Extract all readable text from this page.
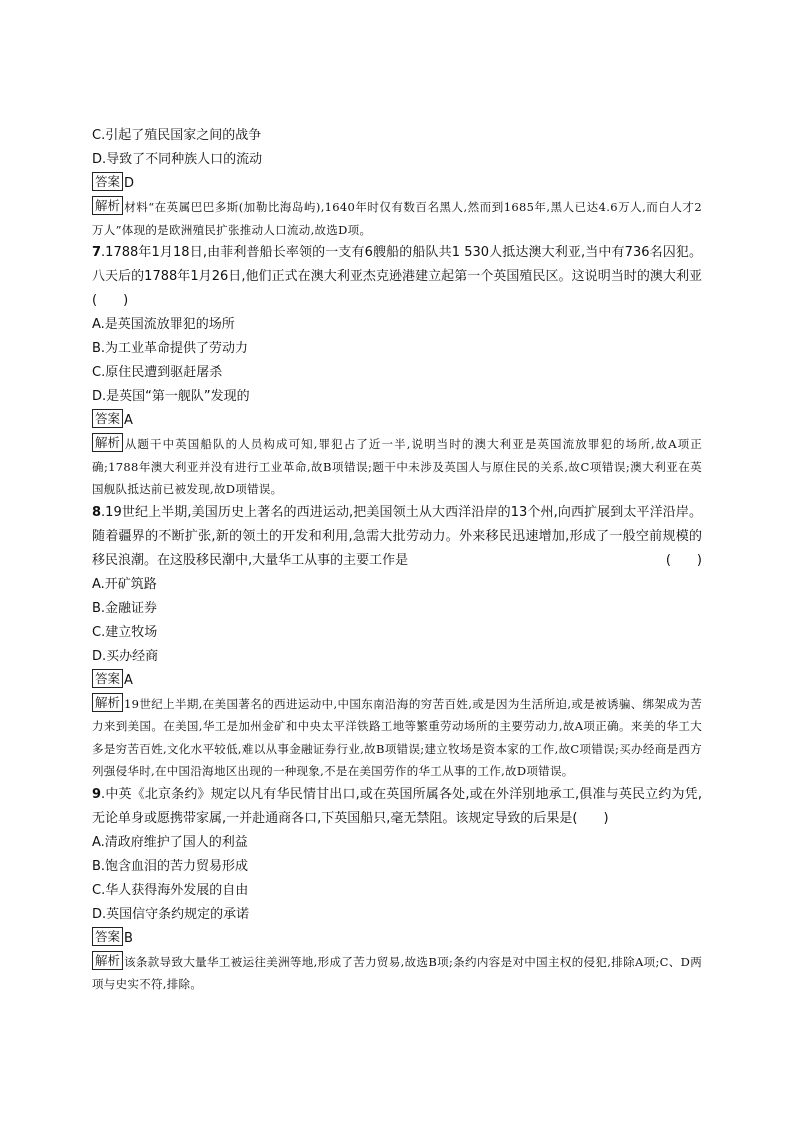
C.引起了殖民国家之间的战争

D.导致了不同种族人口的流动

答案 D

解析 材料“在英属巴巴多斯(加勒比海岛屿),1640年时仅有数百名黑人,然而到1685年,黑人已达4.6万人,而白人才2万人”体现的是欧洲殖民扩张推动人口流动,故选D项。

7.1788年1月18日,由菲利普船长率领的一支有6艘船的船队共1 530人抵达澳大利亚,当中有736名囚犯。八天后的1788年1月26日,他们正式在澳大利亚杰克逊港建立起第一个英国殖民区。这说明当时的澳大利亚(　　)

A.是英国流放罪犯的场所

B.为工业革命提供了劳动力

C.原住民遭到驱赶屠杀

D.是英国“第一舰队”发现的

答案 A

解析 从题干中英国船队的人员构成可知,罪犯占了近一半,说明当时的澳大利亚是英国流放罪犯的场所,故A项正确;1788年澳大利亚并没有进行工业革命,故B项错误;题干中未涉及英国人与原住民的关系,故C项错误;澳大利亚在英国舰队抵达前已被发现,故D项错误。

8.19世纪上半期,美国历史上著名的西进运动,把美国领土从大西洋沿岸的13个州,向西扩展到太平洋沿岸。随着疆界的不断扩张,新的领土的开发和利用,急需大批劳动力。外来移民迅速增加,形成了一般空前规模的移民浪潮。在这股移民潮中,大量华工从事的主要工作是	(　　)

A.开矿筑路

B.金融证券

C.建立牧场

D.买办经商

答案 A

解析 19世纪上半期,在美国著名的西进运动中,中国东南沿海的穷苦百姓,或是因为生活所迫,或是被诱骗、绑架成为苦力来到美国。在美国,华工是加州金矿和中央太平洋铁路工地等繁重劳动场所的主要劳动力,故A项正确。来美的华工大多是穷苦百姓,文化水平较低,难以从事金融证券行业,故B项错误;建立牧场是资本家的工作,故C项错误;买办经商是西方列强侵华时,在中国沿海地区出现的一种现象,不是在美国劳作的华工从事的工作,故D项错误。

9.中英《北京条约》规定以凡有华民情甘出口,或在英国所属各处,或在外洋别地承工,俱准与英民立约为凭,无论单身或愿携带家属,一并赴通商各口,下英国船只,毫无禁阻。该规定导致的后果是(　　)

A.清政府维护了国人的利益

B.饱含血泪的苦力贸易形成

C.华人获得海外发展的自由

D.英国信守条约规定的承诺

答案 B

解析 该条款导致大量华工被运往美洲等地,形成了苦力贸易,故选B项;条约内容是对中国主权的侵犯,排除A项;C、D两项与史实不符,排除。
